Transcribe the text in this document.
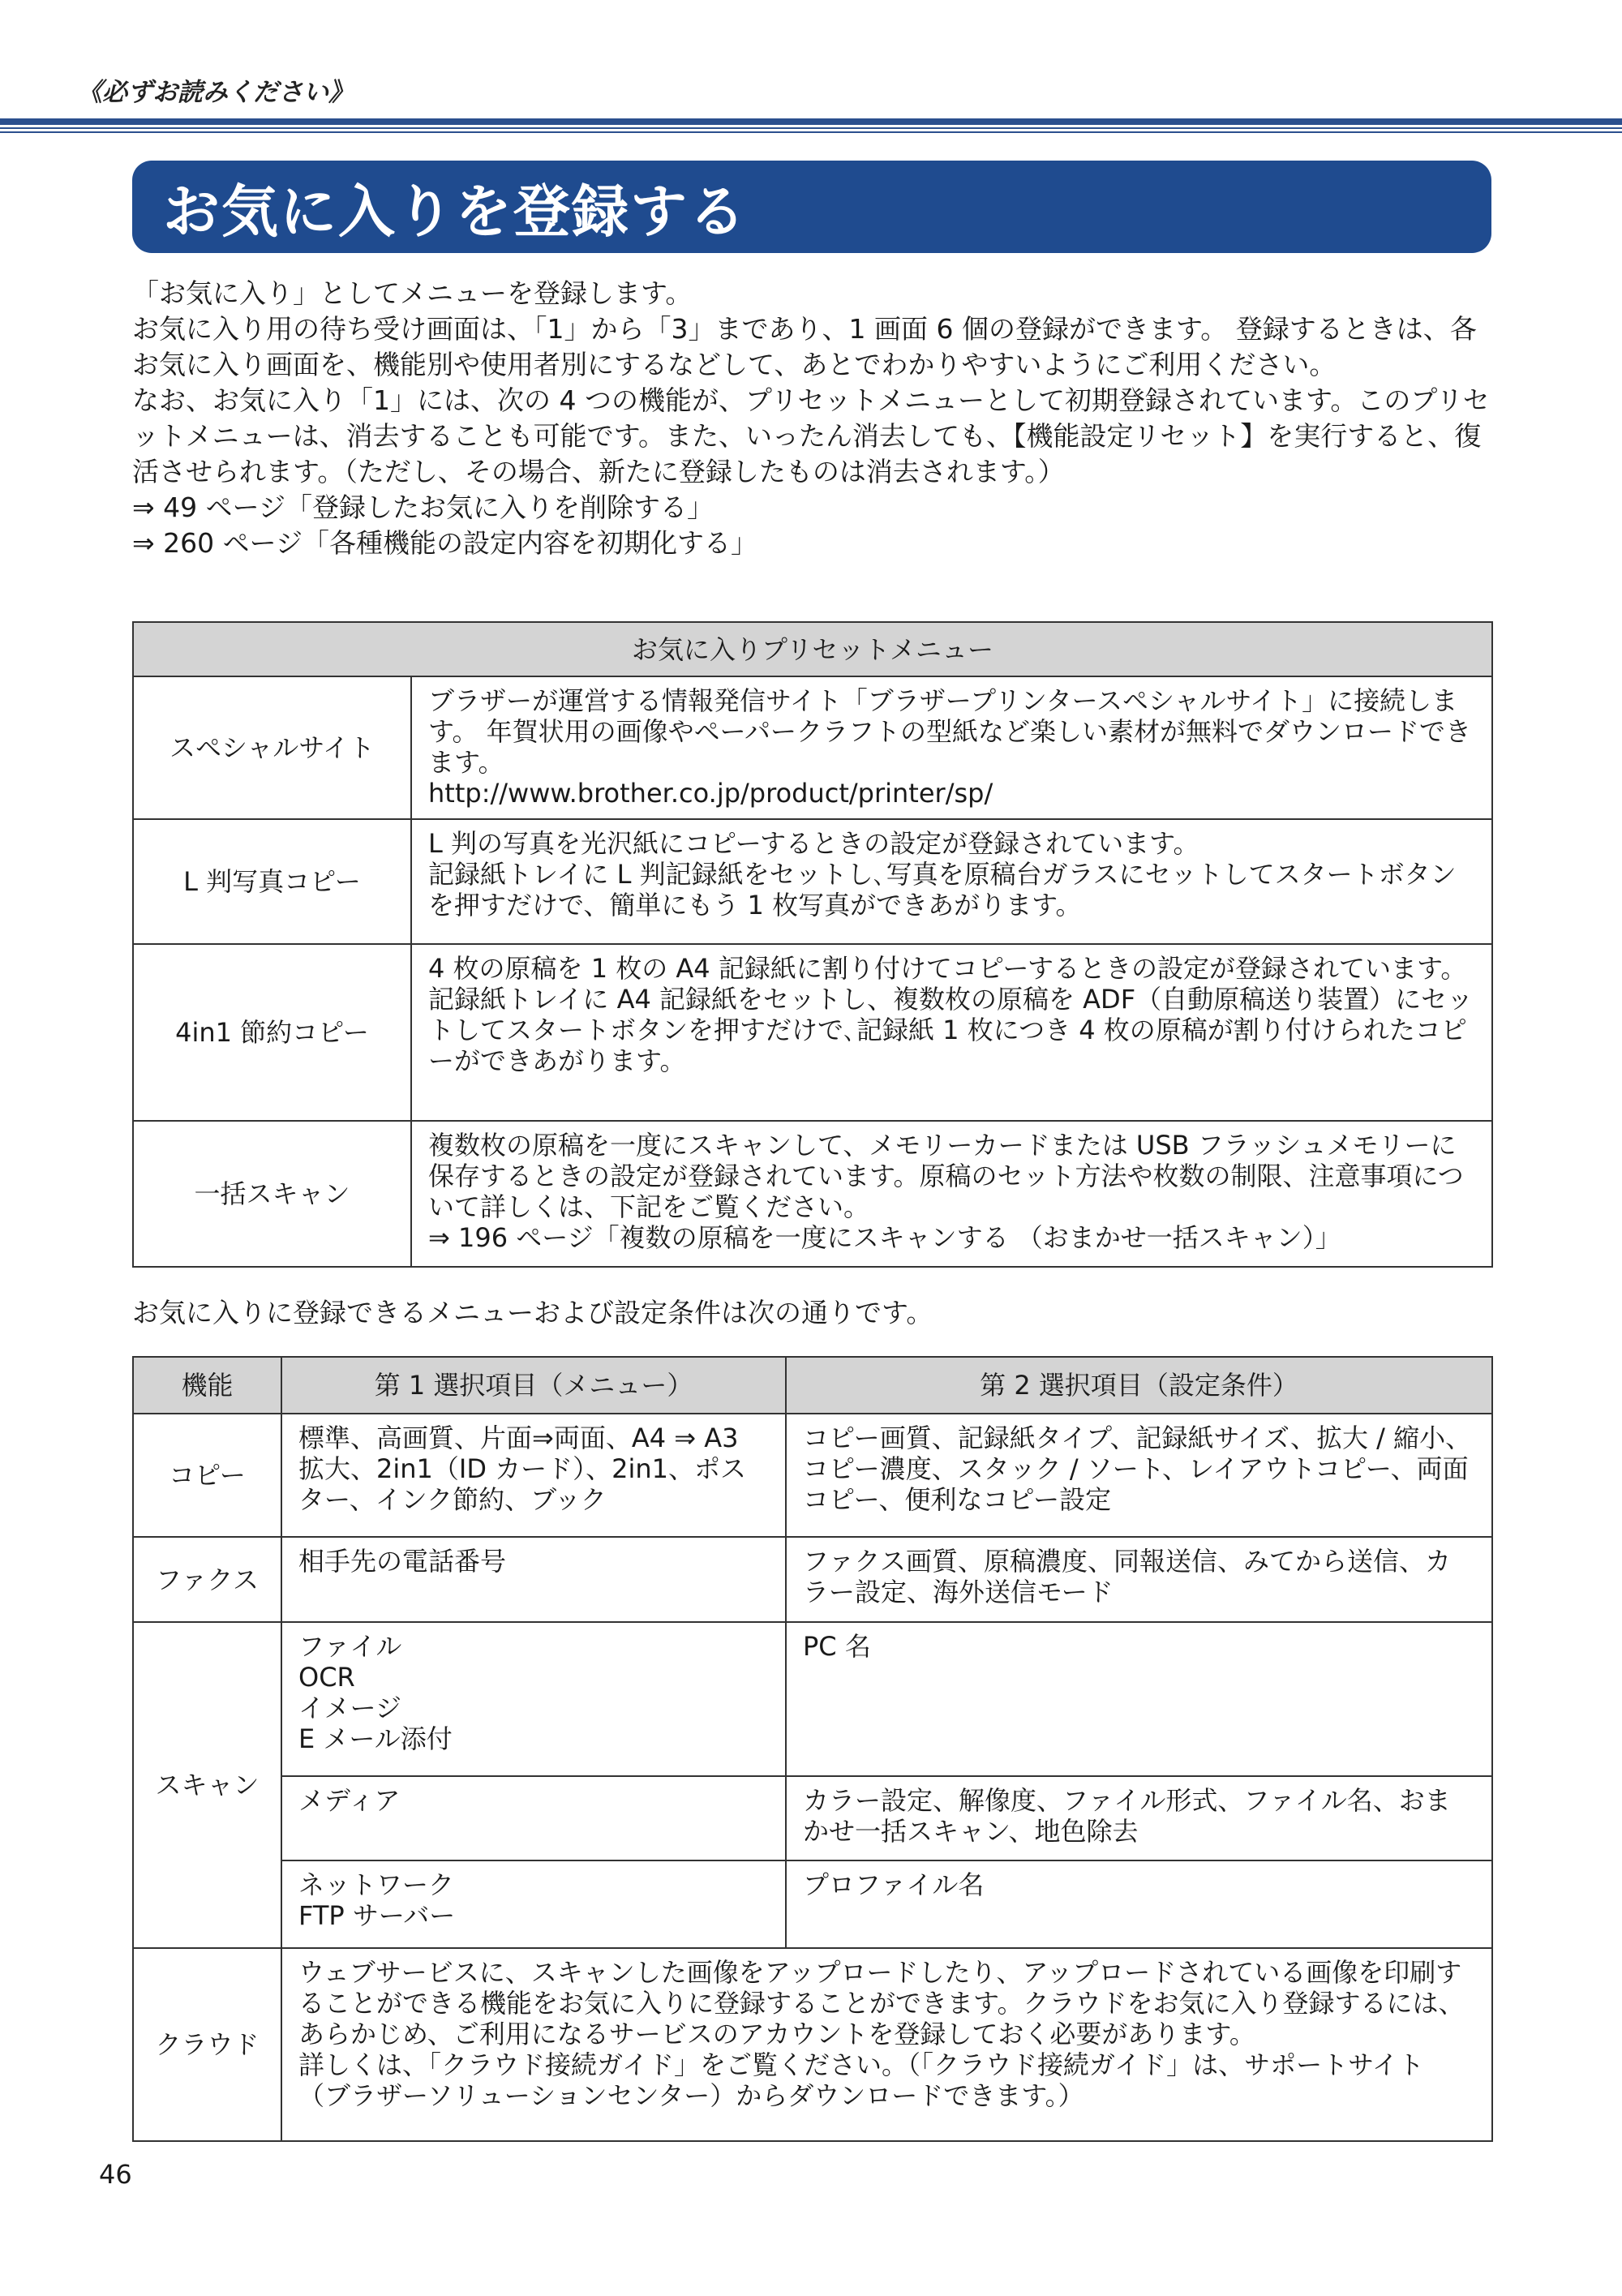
《必ずお読みください》
お気に入りを登録する

「お気に入り」としてメニューを登録します。

お気に入り用の待ち受け画面は、「1」から「3」まであり、1 画面 6 個の登録ができます。 登録するときは、各お気に入り画面を、機能別や使用者別にするなどして、あとでわかりやすいようにご利用ください。

なお、お気に入り「1」には、次の 4 つの機能が、プリセットメニューとして初期登録されています。このプリセットメニューは、消去することも可能です。また、いったん消去しても、【機能設定リセット】を実行すると、復活させられます。（ただし、その場合、新たに登録したものは消去されます。）

⇒ 49 ページ「登録したお気に入りを削除する」

⇒ 260 ページ「各種機能の設定内容を初期化する」

お気に入りプリセットメニュー	
スペシャルサイト	ブラザーが運営する情報発信サイト「ブラザープリンタースペシャルサイト」に接続します。 年賀状用の画像やペーパークラフトの型紙など楽しい素材が無料でダウンロードできます。

http://www.brother.co.jp/product/printer/sp/

L 判写真コピー	L 判の写真を光沢紙にコピーするときの設定が登録されています。

記録紙トレイに L 判記録紙をセットし､写真を原稿台ガラスにセットしてスタートボタンを押すだけで、簡単にもう 1 枚写真ができあがります。

4in1 節約コピー	4 枚の原稿を 1 枚の A4 記録紙に割り付けてコピーするときの設定が登録されています。

記録紙トレイに A4 記録紙をセットし、複数枚の原稿を ADF（自動原稿送り装置）にセットしてスタートボタンを押すだけで､記録紙 1 枚につき 4 枚の原稿が割り付けられたコピーができあがります。

一括スキャン	複数枚の原稿を一度にスキャンして、メモリーカードまたは USB フラッシュメモリーに保存するときの設定が登録されています。原稿のセット方法や枚数の制限、注意事項について詳しくは、下記をご覧ください。

⇒ 196 ページ「複数の原稿を一度にスキャンする （おまかせ一括スキャン）」

お気に入りに登録できるメニューおよび設定条件は次の通りです。
機能	第 1 選択項目（メニュー）	第 2 選択項目（設定条件）
コピー	標準、高画質、片面⇒両面、A4 ⇒ A3 拡大、2in1（ID カード）、2in1、ポスター、インク節約、ブック	コピー画質、記録紙タイプ、記録紙サイズ、拡大 / 縮小、コピー濃度、スタック / ソート、レイアウトコピー、両面コピー、便利なコピー設定
ファクス	相手先の電話番号	ファクス画質、原稿濃度、同報送信、みてから送信、カラー設定、海外送信モード
スキャン	ファイル

OCR

イメージ

E メール添付	PC 名
	メディア	カラー設定、解像度、ファイル形式、ファイル名、おまかせ一括スキャン、地色除去

	ネットワーク

FTP サーバー	プロファイル名
クラウド	ウェブサービスに、スキャンした画像をアップロードしたり、アップロードされている画像を印刷することができる機能をお気に入りに登録することができます。クラウドをお気に入り登録するには、あらかじめ、ご利用になるサービスのアカウントを登録しておく必要があります。

詳しくは、「クラウド接続ガイド」をご覧ください。（「クラウド接続ガイド」は、サポートサイト（ブラザーソリューションセンター）からダウンロードできます。）	

46
